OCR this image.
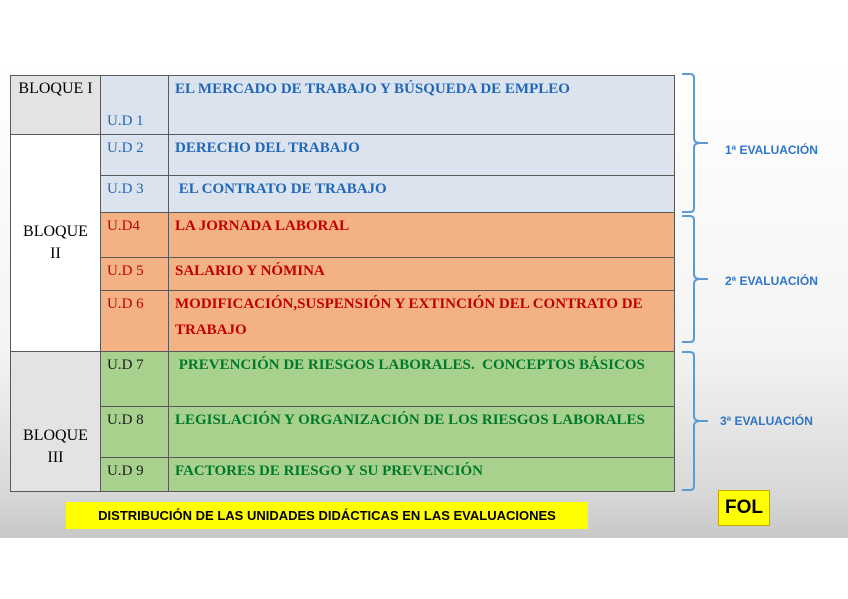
BLOQUE I	U.D 1	EL MERCADO DE TRABAJO Y BÚSQUEDA DE EMPLEO
BLOQUE II	U.D 2	DERECHO DEL TRABAJO
	U.D 3	EL CONTRATO DE TRABAJO
	U.D4	LA JORNADA LABORAL
	U.D 5	SALARIO Y NÓMINA
	U.D 6	MODIFICACIÓN,SUSPENSIÓN Y EXTINCIÓN DEL CONTRATO DE TRABAJO
BLOQUE III	U.D 7	PREVENCIÓN DE RIESGOS LABORALES.  CONCEPTOS BÁSICOS
	U.D 8	LEGISLACIÓN Y ORGANIZACIÓN DE LOS RIESGOS LABORALES
	U.D 9	FACTORES DE RIESGO Y SU PREVENCIÓN
1ª EVALUACIÓN
2ª EVALUACIÓN
3ª EVALUACIÓN
DISTRIBUCIÓN DE LAS UNIDADES DIDÁCTICAS EN LAS EVALUACIONES	FOL
